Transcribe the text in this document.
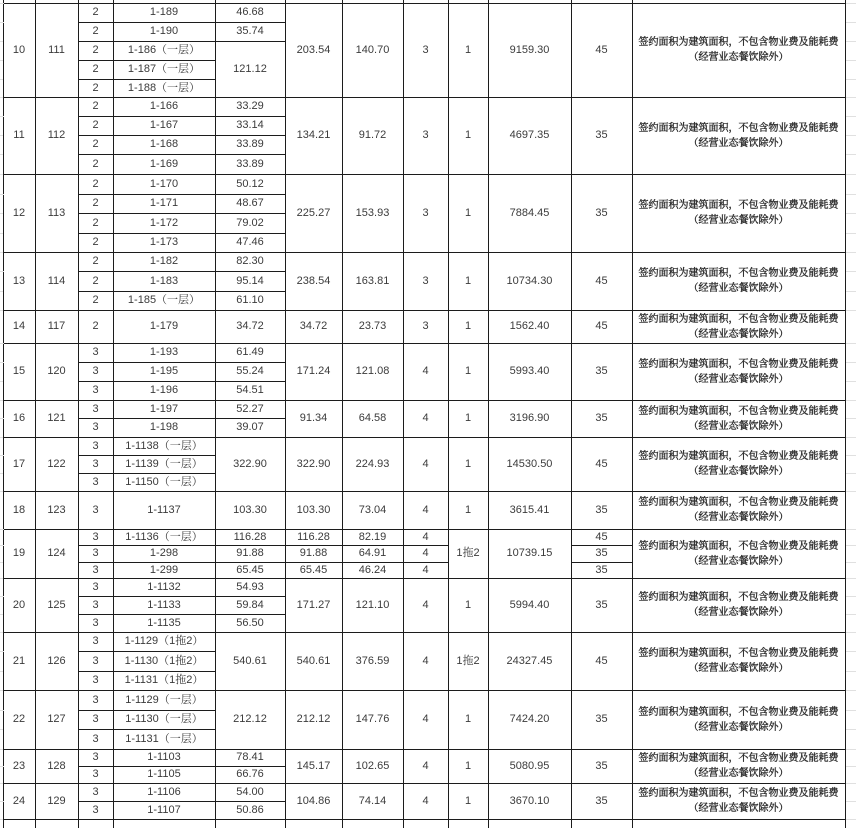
	10	111	2	1-189	46.68	203.54	140.70	3	1	9159.30	45	签约面积为建筑面积，不包含物业费及能耗费（经营业态餐饮除外）	
			2	1-190	35.74								
			2	1-186（一层）	121.12								
			2	1-187（一层）									
			2	1-188（一层）									
	11	112	2	1-166	33.29	134.21	91.72	3	1	4697.35	35	签约面积为建筑面积，不包含物业费及能耗费（经营业态餐饮除外）	
			2	1-167	33.14								
			2	1-168	33.89								
			2	1-169	33.89								
	12	113	2	1-170	50.12	225.27	153.93	3	1	7884.45	35	签约面积为建筑面积，不包含物业费及能耗费（经营业态餐饮除外）	
			2	1-171	48.67								
			2	1-172	79.02								
			2	1-173	47.46								
	13	114	2	1-182	82.30	238.54	163.81	3	1	10734.30	45	签约面积为建筑面积，不包含物业费及能耗费（经营业态餐饮除外）	
			2	1-183	95.14								
			2	1-185（一层）	61.10								
	14	117	2	1-179	34.72	34.72	23.73	3	1	1562.40	45	签约面积为建筑面积，不包含物业费及能耗费（经营业态餐饮除外）	
	15	120	3	1-193	61.49	171.24	121.08	4	1	5993.40	35	签约面积为建筑面积，不包含物业费及能耗费（经营业态餐饮除外）	
			3	1-195	55.24								
			3	1-196	54.51								
	16	121	3	1-197	52.27	91.34	64.58	4	1	3196.90	35	签约面积为建筑面积，不包含物业费及能耗费（经营业态餐饮除外）	
			3	1-198	39.07								
	17	122	3	1-1138（一层）	322.90	322.90	224.93	4	1	14530.50	45	签约面积为建筑面积，不包含物业费及能耗费（经营业态餐饮除外）	
			3	1-1139（一层）									
			3	1-1150（一层）									
	18	123	3	1-1137	103.30	103.30	73.04	4	1	3615.41	35	签约面积为建筑面积，不包含物业费及能耗费（经营业态餐饮除外）	
	19	124	3	1-1136（一层）	116.28	116.28	82.19	4	1拖2	10739.15	45	签约面积为建筑面积，不包含物业费及能耗费（经营业态餐饮除外）	
			3	1-298	91.88	91.88	64.91	4			35		
			3	1-299	65.45	65.45	46.24	4			35		
	20	125	3	1-1132	54.93	171.27	121.10	4	1	5994.40	35	签约面积为建筑面积，不包含物业费及能耗费（经营业态餐饮除外）	
			3	1-1133	59.84								
			3	1-1135	56.50								
	21	126	3	1-1129（1拖2）	540.61	540.61	376.59	4	1拖2	24327.45	45	签约面积为建筑面积，不包含物业费及能耗费（经营业态餐饮除外）	
			3	1-1130（1拖2）									
			3	1-1131（1拖2）									
	22	127	3	1-1129（一层）	212.12	212.12	147.76	4	1	7424.20	35	签约面积为建筑面积，不包含物业费及能耗费（经营业态餐饮除外）	
			3	1-1130（一层）									
			3	1-1131（一层）									
	23	128	3	1-1103	78.41	145.17	102.65	4	1	5080.95	35	签约面积为建筑面积，不包含物业费及能耗费（经营业态餐饮除外）	
			3	1-1105	66.76								
	24	129	3	1-1106	54.00	104.86	74.14	4	1	3670.10	35	签约面积为建筑面积，不包含物业费及能耗费（经营业态餐饮除外）	
			3	1-1107	50.86								
